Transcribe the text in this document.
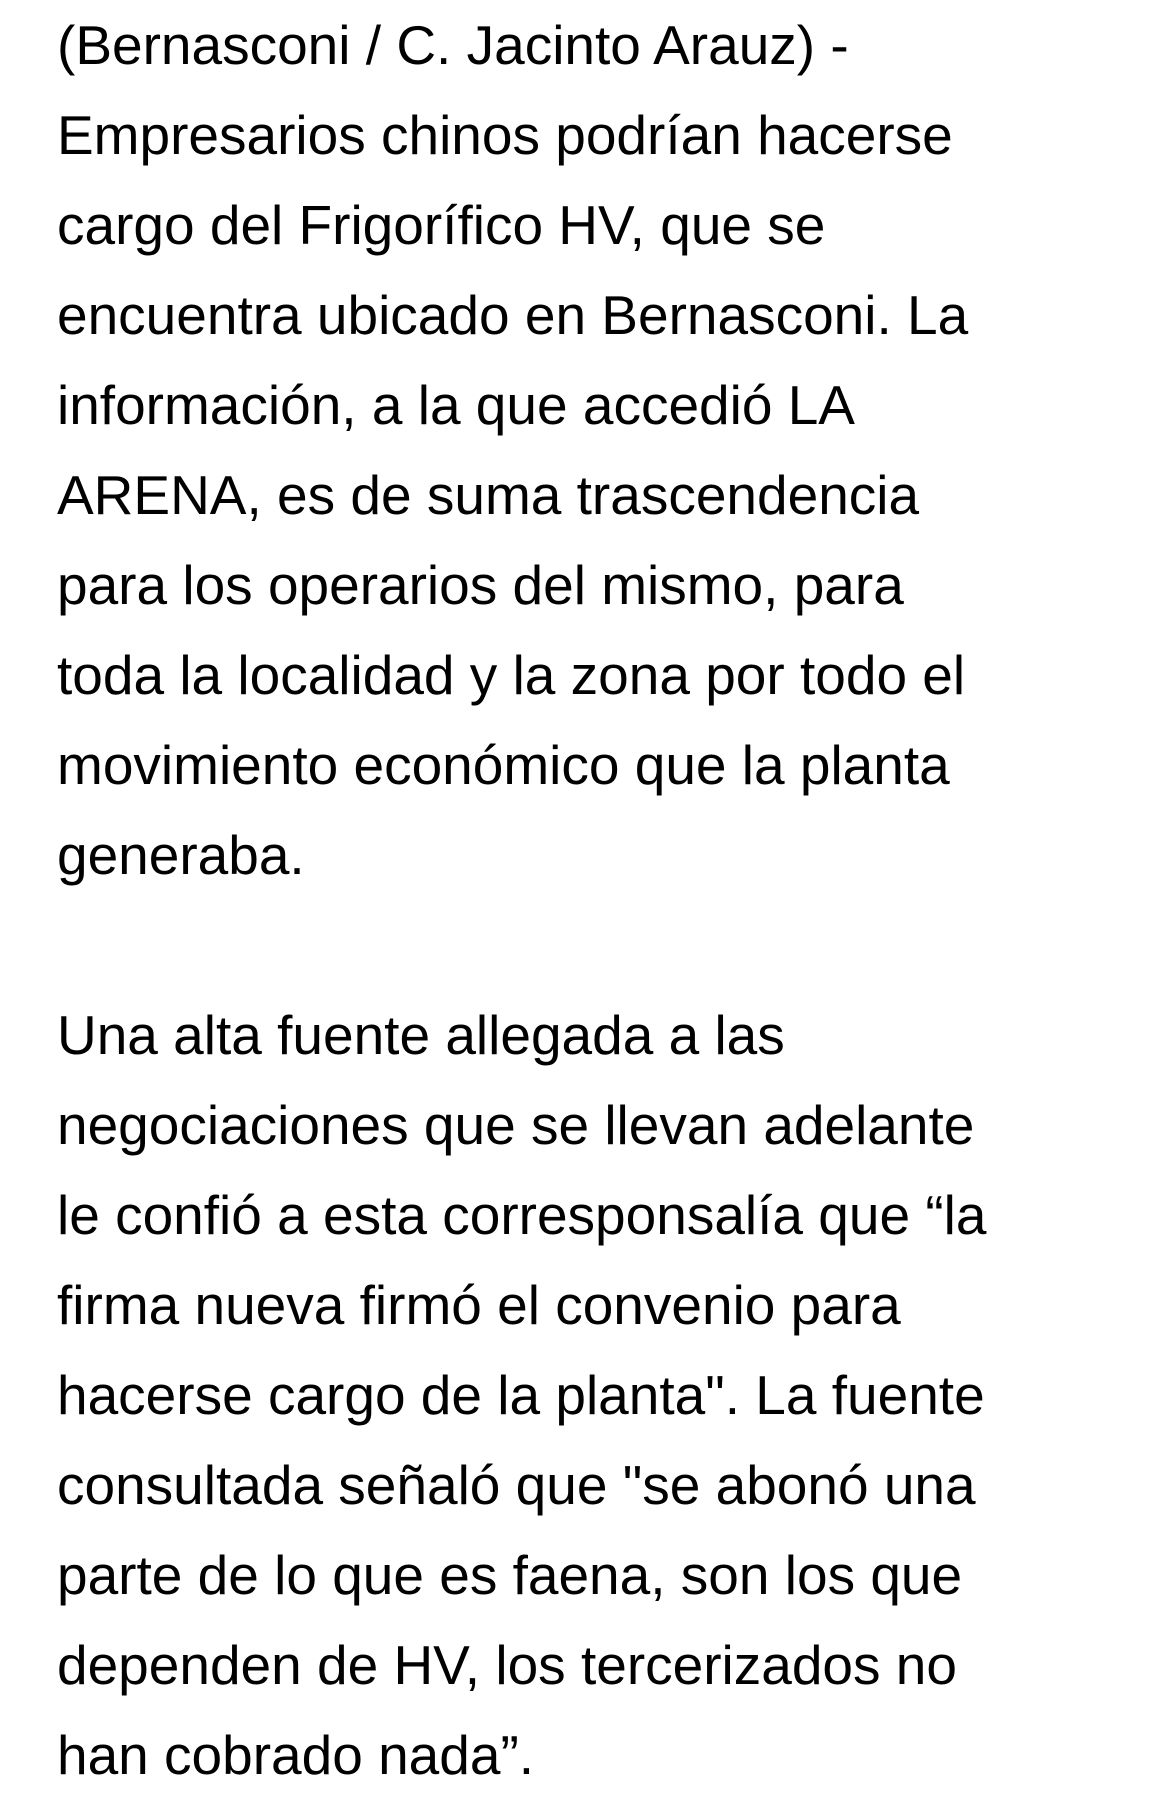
(Bernasconi / C. Jacinto Arauz) -
Empresarios chinos podrían hacerse
cargo del Frigorífico HV, que se
encuentra ubicado en Bernasconi. La
información, a la que accedió LA
ARENA, es de suma trascendencia
para los operarios del mismo, para
toda la localidad y la zona por todo el
movimiento económico que la planta
generaba.

Una alta fuente allegada a las
negociaciones que se llevan adelante
le confió a esta corresponsalía que “la
firma nueva firmó el convenio para
hacerse cargo de la planta". La fuente
consultada señaló que "se abonó una
parte de lo que es faena, son los que
dependen de HV, los tercerizados no
han cobrado nada”.
